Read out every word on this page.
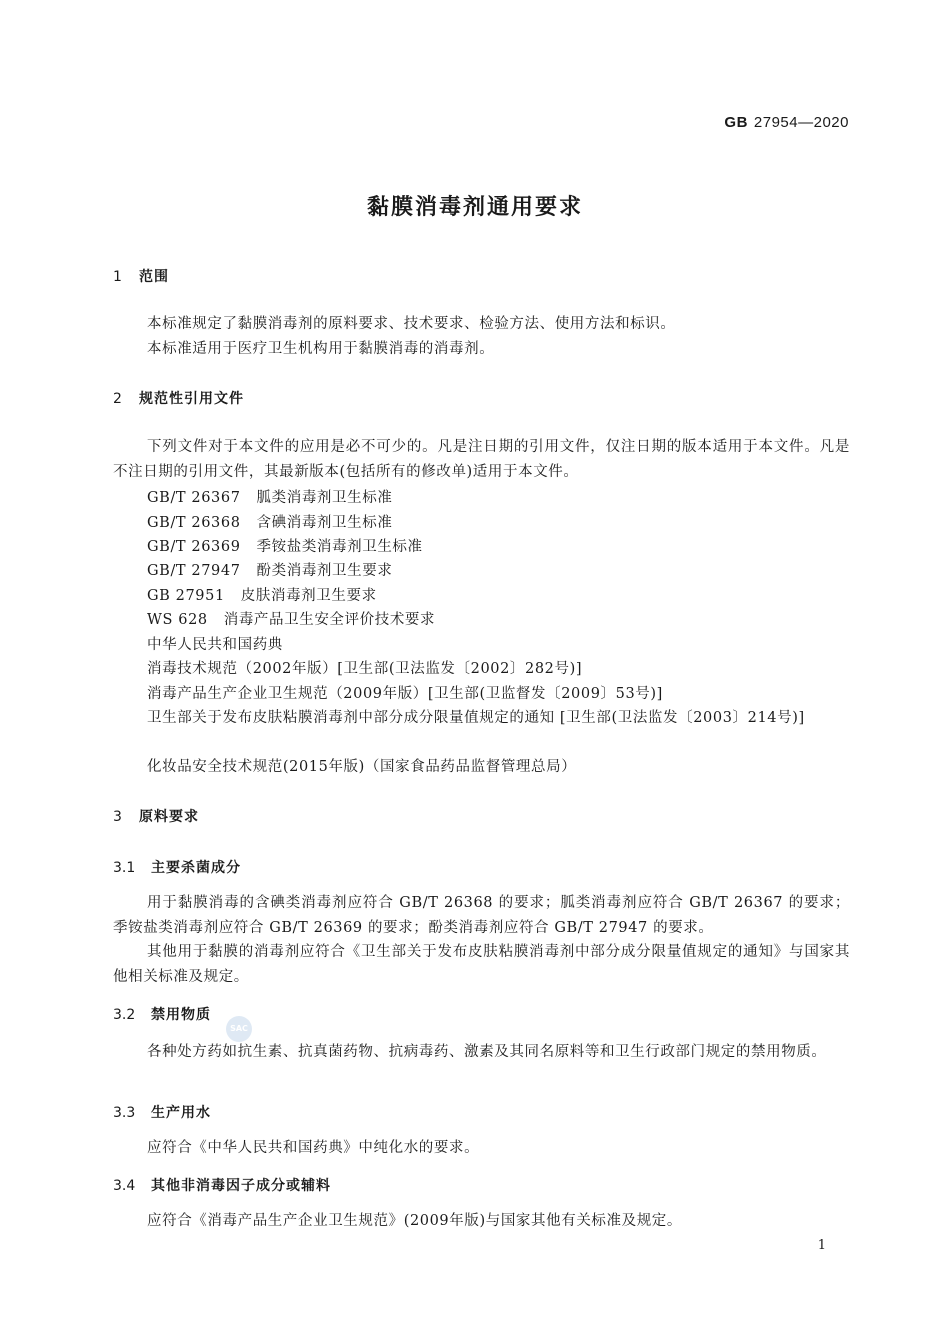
GB 27954—2020
黏膜消毒剂通用要求
1 范围
本标准规定了黏膜消毒剂的原料要求、技术要求、检验方法、使用方法和标识。
本标准适用于医疗卫生机构用于黏膜消毒的消毒剂。
2 规范性引用文件
下列文件对于本文件的应用是必不可少的。凡是注日期的引用文件，仅注日期的版本适用于本文件。凡是不注日期的引用文件，其最新版本(包括所有的修改单)适用于本文件。
GB/T 26367 胍类消毒剂卫生标准
GB/T 26368 含碘消毒剂卫生标准
GB/T 26369 季铵盐类消毒剂卫生标准
GB/T 27947 酚类消毒剂卫生要求
GB 27951 皮肤消毒剂卫生要求
WS 628 消毒产品卫生安全评价技术要求
中华人民共和国药典
消毒技术规范（2002年版）[卫生部(卫法监发〔2002〕282号)]
消毒产品生产企业卫生规范（2009年版）[卫生部(卫监督发〔2009〕53号)]
卫生部关于发布皮肤粘膜消毒剂中部分成分限量值规定的通知 [卫生部(卫法监发〔2003〕214号)]
化妆品安全技术规范(2015年版)（国家食品药品监督管理总局）
3 原料要求
3.1 主要杀菌成分
用于黏膜消毒的含碘类消毒剂应符合 GB/T 26368 的要求；胍类消毒剂应符合 GB/T 26367 的要求；季铵盐类消毒剂应符合 GB/T 26369 的要求；酚类消毒剂应符合 GB/T 27947 的要求。
其他用于黏膜的消毒剂应符合《卫生部关于发布皮肤粘膜消毒剂中部分成分限量值规定的通知》与国家其他相关标准及规定。
3.2 禁用物质
SAC
各种处方药如抗生素、抗真菌药物、抗病毒药、激素及其同名原料等和卫生行政部门规定的禁用物质。
3.3 生产用水
应符合《中华人民共和国药典》中纯化水的要求。
3.4 其他非消毒因子成分或辅料
应符合《消毒产品生产企业卫生规范》(2009年版)与国家其他有关标准及规定。
1
